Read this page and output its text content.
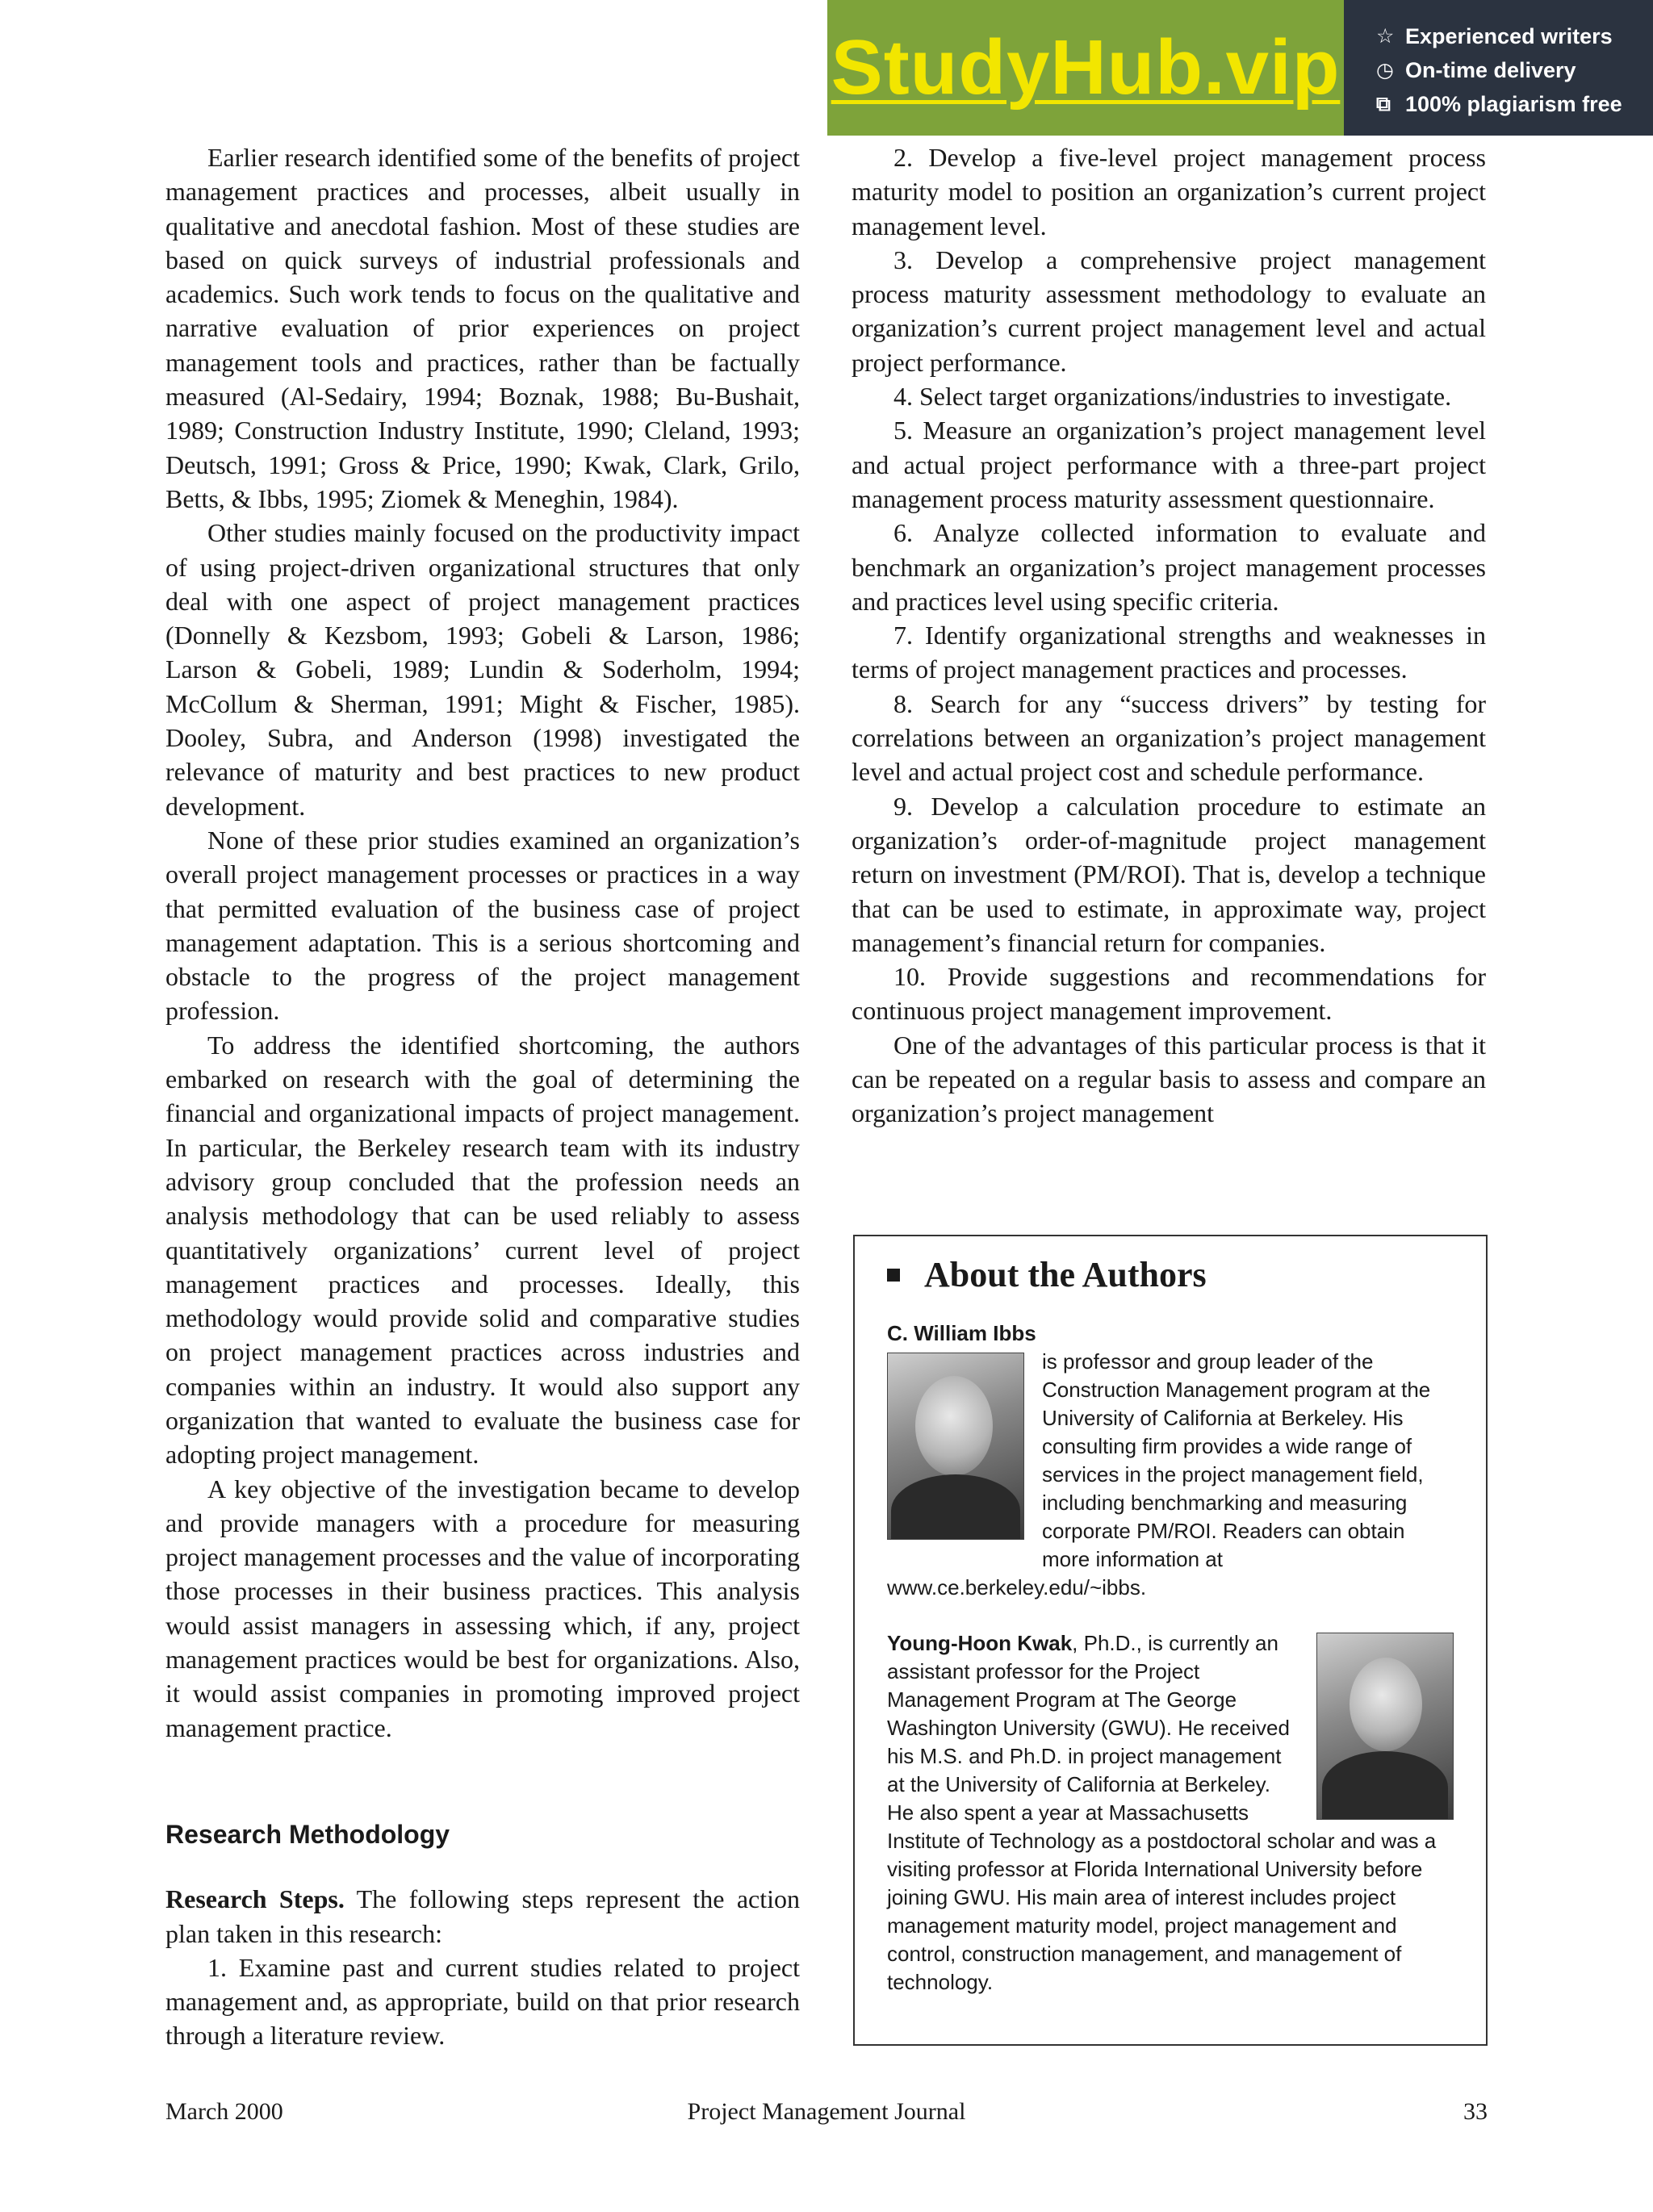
StudyHub.vip ☆ Experienced writers
◷ On-time delivery
⧉ 100% plagiarism free

Earlier research identified some of the benefits of project management practices and processes, albeit usually in qualitative and anecdotal fashion. Most of these studies are based on quick surveys of industrial professionals and academics. Such work tends to focus on the qualitative and narrative evaluation of prior experiences on project management tools and practices, rather than be factually measured (Al-Sedairy, 1994; Boznak, 1988; Bu-Bushait, 1989; Construction Industry Institute, 1990; Cleland, 1993; Deutsch, 1991; Gross & Price, 1990; Kwak, Clark, Grilo, Betts, & Ibbs, 1995; Ziomek & Meneghin, 1984).

Other studies mainly focused on the productivity impact of using project-driven organizational structures that only deal with one aspect of project management practices (Donnelly & Kezsbom, 1993; Gobeli & Larson, 1986; Larson & Gobeli, 1989; Lundin & Soderholm, 1994; McCollum & Sherman, 1991; Might & Fischer, 1985). Dooley, Subra, and Anderson (1998) investigated the relevance of maturity and best practices to new product development.

None of these prior studies examined an organization’s overall project management processes or practices in a way that permitted evaluation of the business case of project management adaptation. This is a serious shortcoming and obstacle to the progress of the project management profession.

To address the identified shortcoming, the authors embarked on research with the goal of determining the financial and organizational impacts of project management. In particular, the Berkeley research team with its industry advisory group concluded that the profession needs an analysis methodology that can be used reliably to assess quantitatively organizations’ current level of project management practices and processes. Ideally, this methodology would provide solid and comparative studies on project management practices across industries and companies within an industry. It would also support any organization that wanted to evaluate the business case for adopting project management.

A key objective of the investigation became to develop and provide managers with a procedure for measuring project management processes and the value of incorporating those processes in their business practices. This analysis would assist managers in assessing which, if any, project management practices would be best for organizations. Also, it would assist companies in promoting improved project management practice.

Research Methodology

Research Steps. The following steps represent the action plan taken in this research:

1. Examine past and current studies related to project management and, as appropriate, build on that prior research through a literature review.

2. Develop a five-level project management process maturity model to position an organization’s current project management level.

3. Develop a comprehensive project management process maturity assessment methodology to evaluate an organization’s current project management level and actual project performance.

4. Select target organizations/industries to investigate.

5. Measure an organization’s project management level and actual project performance with a three-part project management process maturity assessment questionnaire.

6. Analyze collected information to evaluate and benchmark an organization’s project management processes and practices level using specific criteria.

7. Identify organizational strengths and weaknesses in terms of project management practices and processes.

8. Search for any “success drivers” by testing for correlations between an organization’s project management level and actual project cost and schedule performance.

9. Develop a calculation procedure to estimate an organization’s order-of-magnitude project management return on investment (PM/ROI). That is, develop a technique that can be used to estimate, in approximate way, project management’s financial return for companies.

10. Provide suggestions and recommendations for continuous project management improvement.

One of the advantages of this particular process is that it can be repeated on a regular basis to assess and compare an organization’s project management

About the Authors

C. William Ibbs

is professor and group leader of the Construction Management program at the University of California at Berkeley. His consulting firm provides a wide range of services in the project management field, including benchmarking and measuring corporate PM/ROI. Readers can obtain more information at www.ce.berkeley.edu/~ibbs.

Young-Hoon Kwak, Ph.D., is currently an assistant professor for the Project Management Program at The George Washington University (GWU). He received his M.S. and Ph.D. in project management at the University of California at Berkeley. He also spent a year at Massachusetts Institute of Technology as a postdoctoral scholar and was a visiting professor at Florida International University before joining GWU. His main area of interest includes project management maturity model, project management and control, construction management, and management of technology.

Project Management Journal
March 2000	33
